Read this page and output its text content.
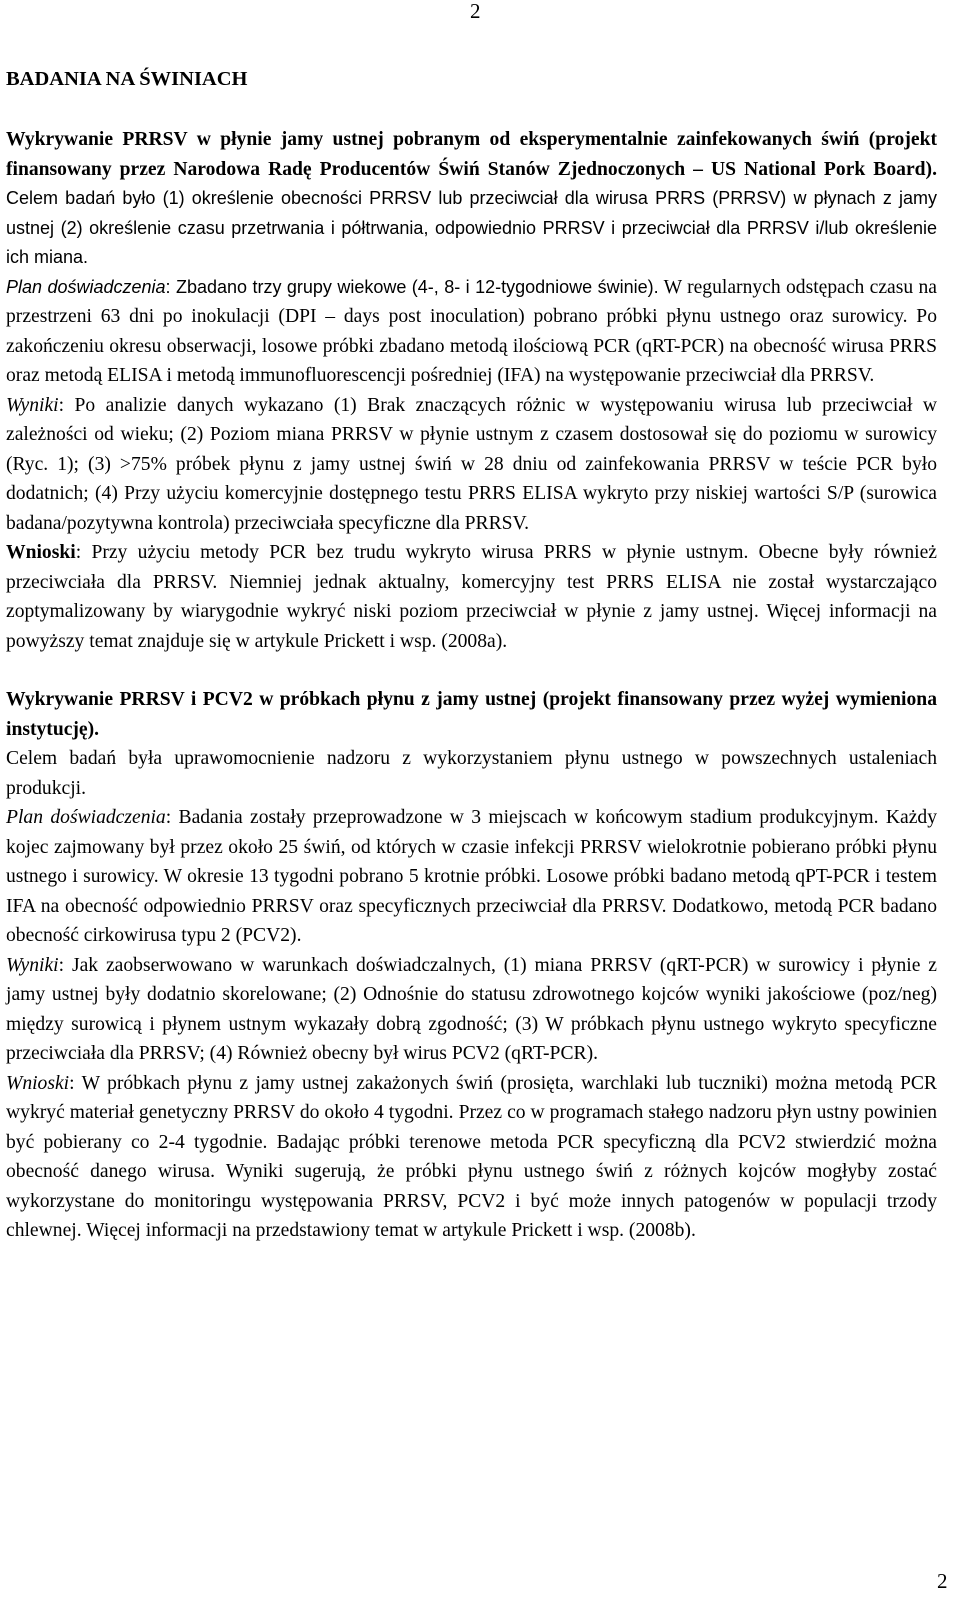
2
BADANIA NA ŚWINIACH

Wykrywanie PRRSV w płynie jamy ustnej pobranym od eksperymentalnie zainfekowanych świń (projekt finansowany przez Narodowa Radę Producentów Świń Stanów Zjednoczonych – US National Pork Board). Celem badań było (1) określenie obecności PRRSV lub przeciwciał dla wirusa PRRS (PRRSV) w płynach z jamy ustnej (2) określenie czasu przetrwania i półtrwania, odpowiednio PRRSV i przeciwciał dla PRRSV i/lub określenie ich miana.

Plan doświadczenia: Zbadano trzy grupy wiekowe (4-, 8- i 12-tygodniowe świnie). W regularnych odstępach czasu na przestrzeni 63 dni po inokulacji (DPI – days post inoculation) pobrano próbki płynu ustnego oraz surowicy. Po zakończeniu okresu obserwacji, losowe próbki zbadano metodą ilościową PCR (qRT-PCR) na obecność wirusa PRRS oraz metodą ELISA i metodą immunofluorescencji pośredniej (IFA) na występowanie przeciwciał dla PRRSV.

Wyniki: Po analizie danych wykazano (1) Brak znaczących różnic w występowaniu wirusa lub przeciwciał w zależności od wieku; (2) Poziom miana PRRSV w płynie ustnym z czasem dostosował się do poziomu w surowicy (Ryc. 1); (3) >75% próbek płynu z jamy ustnej świń w 28 dniu od zainfekowania PRRSV w teście PCR było dodatnich; (4) Przy użyciu komercyjnie dostępnego testu PRRS ELISA wykryto przy niskiej wartości S/P (surowica badana/pozytywna kontrola) przeciwciała specyficzne dla PRRSV.

Wnioski: Przy użyciu metody PCR bez trudu wykryto wirusa PRRS w płynie ustnym. Obecne były również przeciwciała dla PRRSV. Niemniej jednak aktualny, komercyjny test PRRS ELISA nie został wystarczająco zoptymalizowany by wiarygodnie wykryć niski poziom przeciwciał w płynie z jamy ustnej. Więcej informacji na powyższy temat znajduje się w artykule Prickett i wsp. (2008a).

Wykrywanie PRRSV i PCV2 w próbkach płynu z jamy ustnej (projekt finansowany przez wyżej wymieniona instytucję).

Celem badań była uprawomocnienie nadzoru z wykorzystaniem płynu ustnego w powszechnych ustaleniach produkcji.

Plan doświadczenia: Badania zostały przeprowadzone w 3 miejscach w końcowym stadium produkcyjnym. Każdy kojec zajmowany był przez około 25 świń, od których w czasie infekcji PRRSV wielokrotnie pobierano próbki płynu ustnego i surowicy. W okresie 13 tygodni pobrano 5 krotnie próbki. Losowe próbki badano metodą qPT-PCR i testem IFA na obecność odpowiednio PRRSV oraz specyficznych przeciwciał dla PRRSV. Dodatkowo, metodą PCR badano obecność cirkowirusa typu 2 (PCV2).

Wyniki: Jak zaobserwowano w warunkach doświadczalnych, (1) miana PRRSV (qRT-PCR) w surowicy i płynie z jamy ustnej były dodatnio skorelowane; (2) Odnośnie do statusu zdrowotnego kojców wyniki jakościowe (poz/neg) między surowicą i płynem ustnym wykazały dobrą zgodność; (3) W próbkach płynu ustnego wykryto specyficzne przeciwciała dla PRRSV; (4) Również obecny był wirus PCV2 (qRT-PCR).

Wnioski: W próbkach płynu z jamy ustnej zakażonych świń (prosięta, warchlaki lub tuczniki) można metodą PCR wykryć materiał genetyczny PRRSV do około 4 tygodni. Przez co w programach stałego nadzoru płyn ustny powinien być pobierany co 2-4 tygodnie. Badając próbki terenowe metoda PCR specyficzną dla PCV2 stwierdzić można obecność danego wirusa. Wyniki sugerują, że próbki płynu ustnego świń z różnych kojców mogłyby zostać wykorzystane do monitoringu występowania PRRSV, PCV2 i być może innych patogenów w populacji trzody chlewnej. Więcej informacji na przedstawiony temat w artykule Prickett i wsp. (2008b).

2
